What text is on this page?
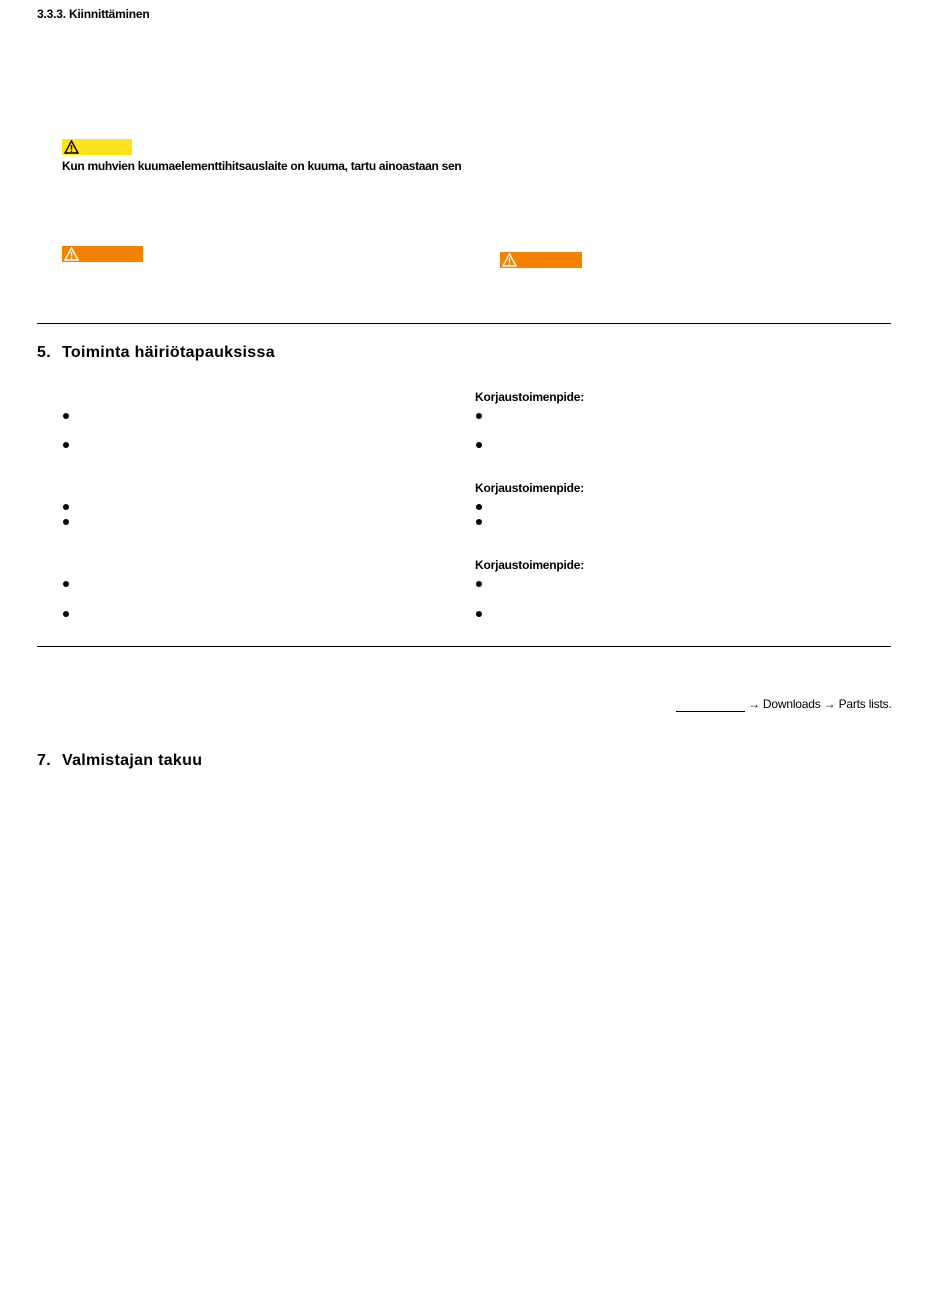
3.3.3. Kiinnittäminen
Kun muhvien kuumaelementtihitsauslaite on kuuma, tartu ainoastaan sen
5. Toiminta häiriötapauksissa
Korjaustoimenpide:
Korjaustoimenpide:
Korjaustoimenpide:
→ Downloads → Parts lists.
7. Valmistajan takuu
